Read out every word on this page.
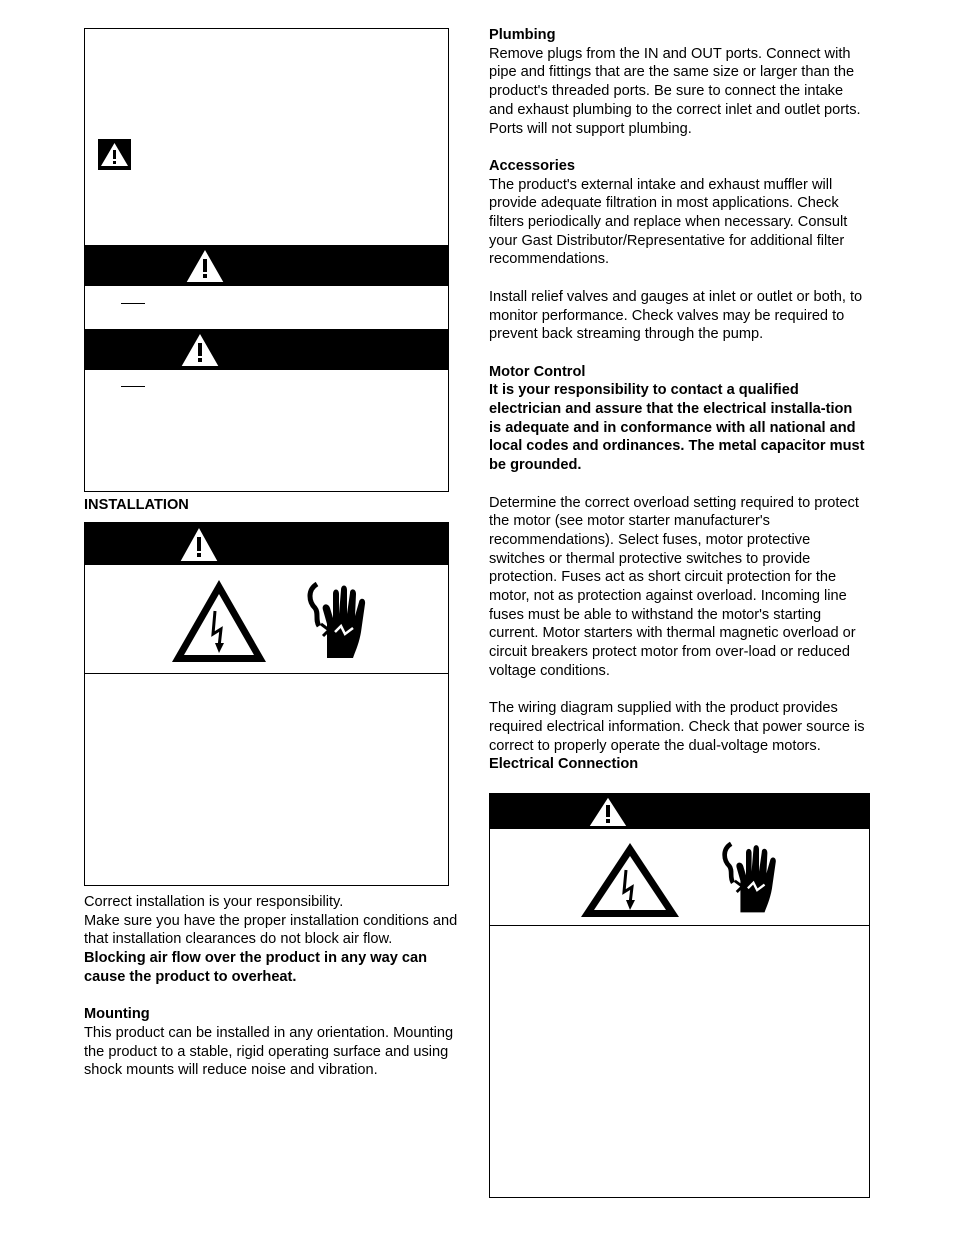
INSTALLATION

Correct installation is your responsibility.

Make sure you have the proper installation conditions and that installation clearances do not block air flow.

Blocking air flow over the product in any way can cause the product to overheat.

Mounting

This product can be installed in any orientation. Mounting the product to a stable, rigid operating surface and using shock mounts will reduce noise and vibration.

Plumbing

Remove plugs from the IN and OUT ports. Connect with pipe and fittings that are the same size or larger than the product's threaded ports. Be sure to connect the intake and exhaust plumbing to the correct inlet and outlet ports. Ports will not support plumbing.

Accessories

The product's external intake and exhaust muffler will provide adequate filtration in most applications. Check filters periodically and replace when necessary. Consult your Gast Distributor/Representative for additional filter recommendations.

Install relief valves and gauges at inlet or outlet or both, to monitor performance. Check valves may be required to prevent back streaming through the pump.

Motor Control

It is your responsibility to contact a qualified electrician and assure that the electrical installa-tion is adequate and in conformance with all national and local codes and ordinances. The metal capacitor must be grounded.

Determine the correct overload setting required to protect the motor (see motor starter manufacturer's recommendations). Select fuses, motor protective switches or thermal protective switches to provide protection. Fuses act as short circuit protection for the motor, not as protection against overload. Incoming line fuses must be able to withstand the motor's starting current. Motor starters with thermal magnetic overload or circuit breakers protect motor from over-load or reduced voltage conditions.

The wiring diagram supplied with the product provides required electrical information. Check that power source is correct to properly operate the dual-voltage motors.

Electrical Connection
